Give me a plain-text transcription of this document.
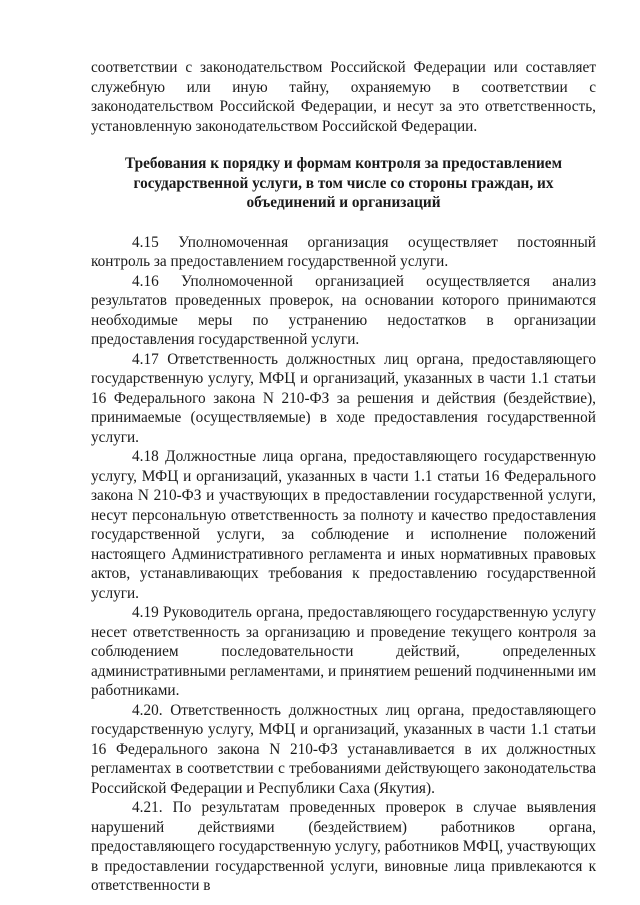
соответствии с законодательством Российской Федерации или составляет служебную или иную тайну, охраняемую в соответствии с законодательством Российской Федерации, и несут за это ответственность, установленную законодательством Российской Федерации.

Требования к порядку и формам контроля за предоставлением
государственной услуги, в том числе со стороны граждан, их
объединений и организаций

4.15 Уполномоченная организация осуществляет постоянный контроль за предоставлением государственной услуги.

4.16 Уполномоченной организацией осуществляется анализ результатов проведенных проверок, на основании которого принимаются необходимые меры по устранению недостатков в организации предоставления государственной услуги.

4.17 Ответственность должностных лиц органа, предоставляющего государственную услугу, МФЦ и организаций, указанных в части 1.1 статьи 16 Федерального закона N 210-ФЗ за решения и действия (бездействие), принимаемые (осуществляемые) в ходе предоставления государственной услуги.

4.18 Должностные лица органа, предоставляющего государственную услугу, МФЦ и организаций, указанных в части 1.1 статьи 16 Федерального закона N 210-ФЗ и участвующих в предоставлении государственной услуги, несут персональную ответственность за полноту и качество предоставления государственной услуги, за соблюдение и исполнение положений настоящего Административного регламента и иных нормативных правовых актов, устанавливающих требования к предоставлению государственной услуги.

4.19 Руководитель органа, предоставляющего государственную услугу несет ответственность за организацию и проведение текущего контроля за соблюдением последовательности действий, определенных административными регламентами, и принятием решений подчиненными им работниками.

4.20. Ответственность должностных лиц органа, предоставляющего государственную услугу, МФЦ и организаций, указанных в части 1.1 статьи 16 Федерального закона N 210-ФЗ устанавливается в их должностных регламентах в соответствии с требованиями действующего законодательства Российской Федерации и Республики Саха (Якутия).

4.21. По результатам проведенных проверок в случае выявления нарушений действиями (бездействием) работников органа, предоставляющего государственную услугу, работников МФЦ, участвующих в предоставлении государственной услуги, виновные лица привлекаются к ответственности в
